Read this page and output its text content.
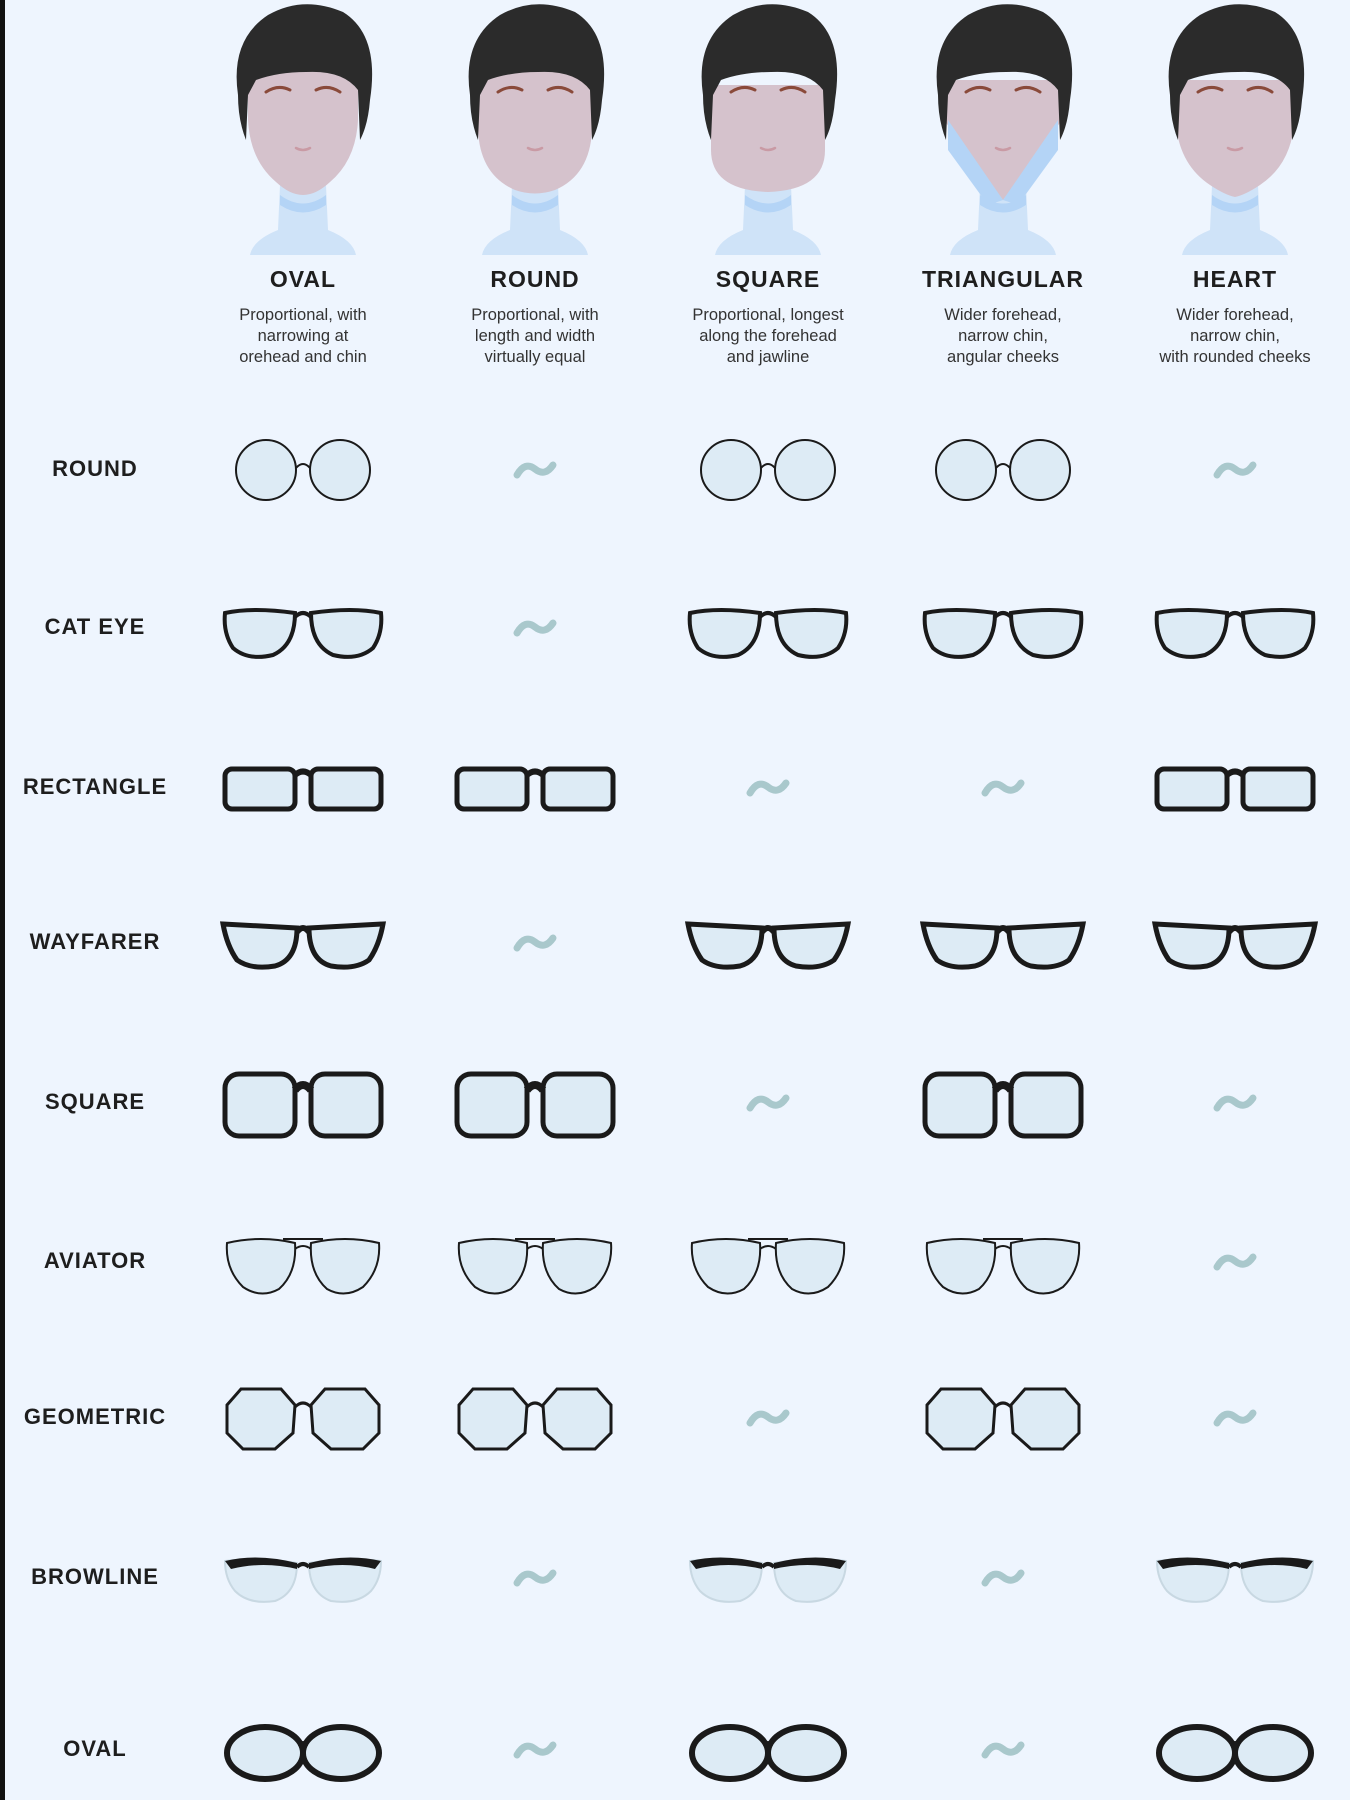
OVAL
Proportional, with
narrowing at
orehead and chin
ROUND
Proportional, with
length and width
virtually equal
SQUARE
Proportional, longest
along the forehead
and jawline
TRIANGULAR
Wider forehead,
narrow chin,
angular cheeks
HEART
Wider forehead,
narrow chin,
with rounded cheeks
ROUND
CAT EYE
RECTANGLE
WAYFARER
SQUARE
AVIATOR
GEOMETRIC
BROWLINE
OVAL
